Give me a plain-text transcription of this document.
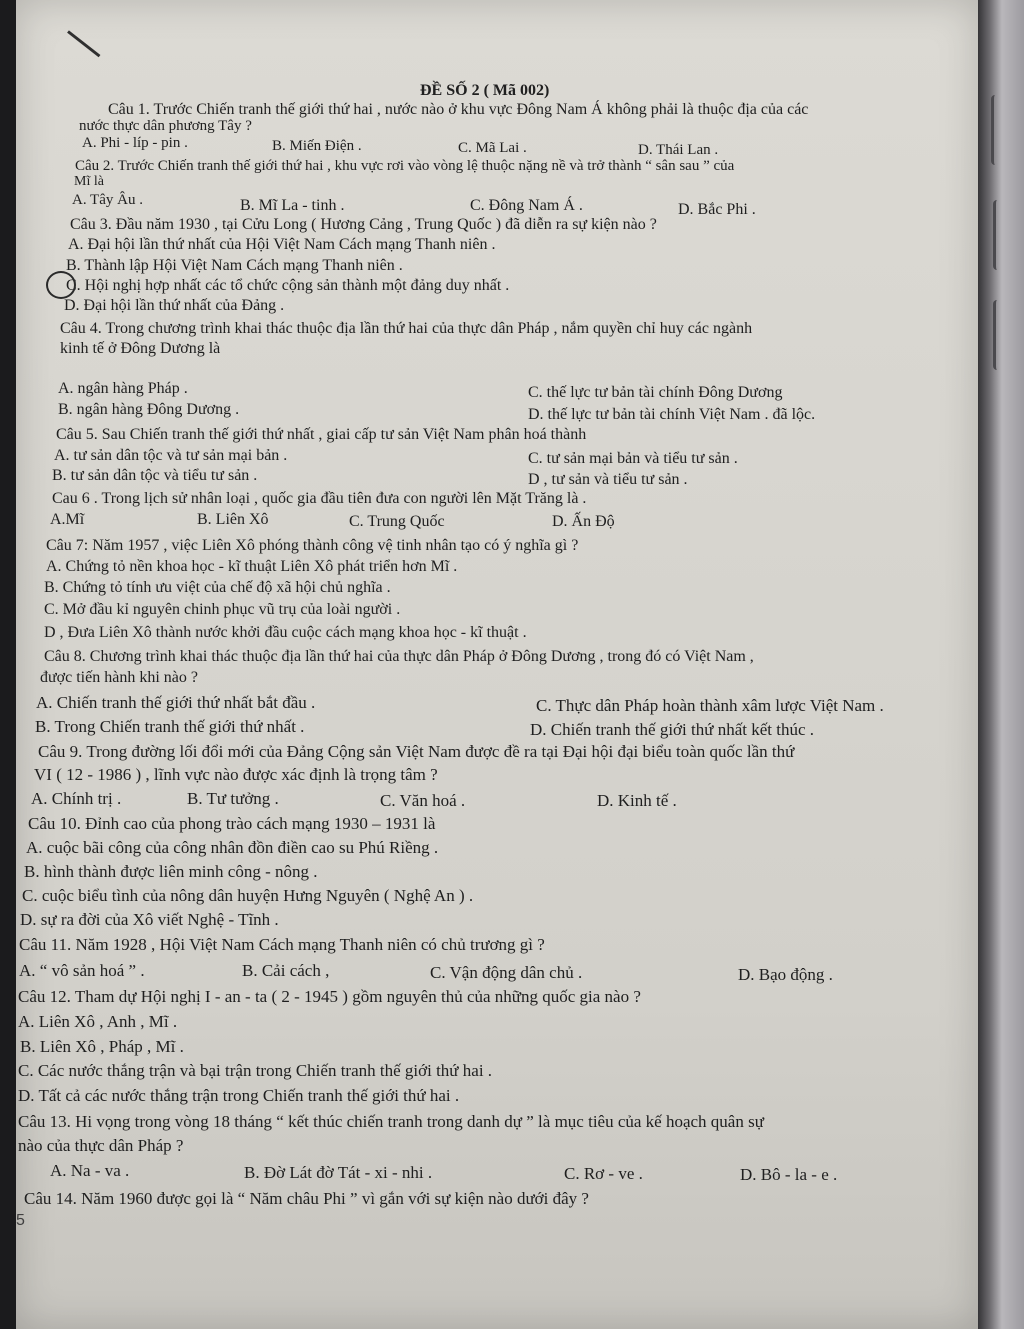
ĐỀ SỐ 2 ( Mã 002)
Câu 1. Trước Chiến tranh thế giới thứ hai , nước nào ở khu vực Đông Nam Á không phải là thuộc địa của các
nước thực dân phương Tây ?
A. Phi - líp - pin .	B. Miến Điện .	C. Mã Lai .	D. Thái Lan .
Câu 2. Trước Chiến tranh thế giới thứ hai , khu vực rơi vào vòng lệ thuộc nặng nề và trở thành “ sân sau ” của
Mĩ là
A. Tây Âu .	B. Mĩ La - tinh .	C. Đông Nam Á .	D. Bắc Phi .
Câu 3. Đầu năm 1930 , tại Cửu Long ( Hương Cảng , Trung Quốc ) đã diễn ra sự kiện nào ?
A. Đại hội lần thứ nhất của Hội Việt Nam Cách mạng Thanh niên .
B. Thành lập Hội Việt Nam Cách mạng Thanh niên .
C. Hội nghị hợp nhất các tổ chức cộng sản thành một đảng duy nhất .
D. Đại hội lần thứ nhất của Đảng .
Câu 4. Trong chương trình khai thác thuộc địa lần thứ hai của thực dân Pháp , nắm quyền chỉ huy các ngành
kinh tế ở Đông Dương là
A. ngân hàng Pháp .	C. thế lực tư bản tài chính Đông Dương
B. ngân hàng Đông Dương .	D. thế lực tư bản tài chính Việt Nam . đã lộc.
Câu 5. Sau Chiến tranh thế giới thứ nhất , giai cấp tư sản Việt Nam phân hoá thành
A. tư sản dân tộc và tư sản mại bản .	C. tư sản mại bản và tiểu tư sản .
B. tư sản dân tộc và tiểu tư sản .	D , tư sản và tiểu tư sản .
Cau 6 . Trong lịch sử nhân loại , quốc gia đầu tiên đưa con người lên Mặt Trăng là .
A.Mĩ	B. Liên Xô	C. Trung Quốc	D. Ấn Độ
Câu 7: Năm 1957 , việc Liên Xô phóng thành công vệ tinh nhân tạo có ý nghĩa gì ?
A. Chứng tỏ nền khoa học - kĩ thuật Liên Xô phát triển hơn Mĩ .
B. Chứng tỏ tính ưu việt của chế độ xã hội chủ nghĩa .
C. Mở đầu kỉ nguyên chinh phục vũ trụ của loài người .
D , Đưa Liên Xô thành nước khởi đầu cuộc cách mạng khoa học - kĩ thuật .
Câu 8. Chương trình khai thác thuộc địa lần thứ hai của thực dân Pháp ở Đông Dương , trong đó có Việt Nam ,
được tiến hành khi nào ?
A. Chiến tranh thế giới thứ nhất bắt đầu .	C. Thực dân Pháp hoàn thành xâm lược Việt Nam .
B. Trong Chiến tranh thế giới thứ nhất .	D. Chiến tranh thế giới thứ nhất kết thúc .
Câu 9. Trong đường lối đổi mới của Đảng Cộng sản Việt Nam được đề ra tại Đại hội đại biểu toàn quốc lần thứ
VI ( 12 - 1986 ) , lĩnh vực nào được xác định là trọng tâm ?
A. Chính trị .	B. Tư tưởng .	C. Văn hoá .	D. Kinh tế .
Câu 10. Đỉnh cao của phong trào cách mạng 1930 – 1931 là
A. cuộc bãi công của công nhân đồn điền cao su Phú Riềng .
B. hình thành được liên minh công - nông .
C. cuộc biểu tình của nông dân huyện Hưng Nguyên ( Nghệ An ) .
D. sự ra đời của Xô viết Nghệ - Tĩnh .
Câu 11. Năm 1928 , Hội Việt Nam Cách mạng Thanh niên có chủ trương gì ?
A. “ vô sản hoá ” .	B. Cải cách ,	C. Vận động dân chủ .	D. Bạo động .
Câu 12. Tham dự Hội nghị I - an - ta ( 2 - 1945 ) gồm nguyên thủ của những quốc gia nào ?
A. Liên Xô , Anh , Mĩ .
B. Liên Xô , Pháp , Mĩ .
C. Các nước thắng trận và bại trận trong Chiến tranh thế giới thứ hai .
D. Tất cả các nước thắng trận trong Chiến tranh thế giới thứ hai .
Câu 13. Hi vọng trong vòng 18 tháng “ kết thúc chiến tranh trong danh dự ” là mục tiêu của kế hoạch quân sự
nào của thực dân Pháp ?
A. Na - va .	B. Đờ Lát đờ Tát - xi - nhi .	C. Rơ - ve .	D. Bô - la - e .
Câu 14. Năm 1960 được gọi là “ Năm châu Phi ” vì gắn với sự kiện nào dưới đây ?
5
